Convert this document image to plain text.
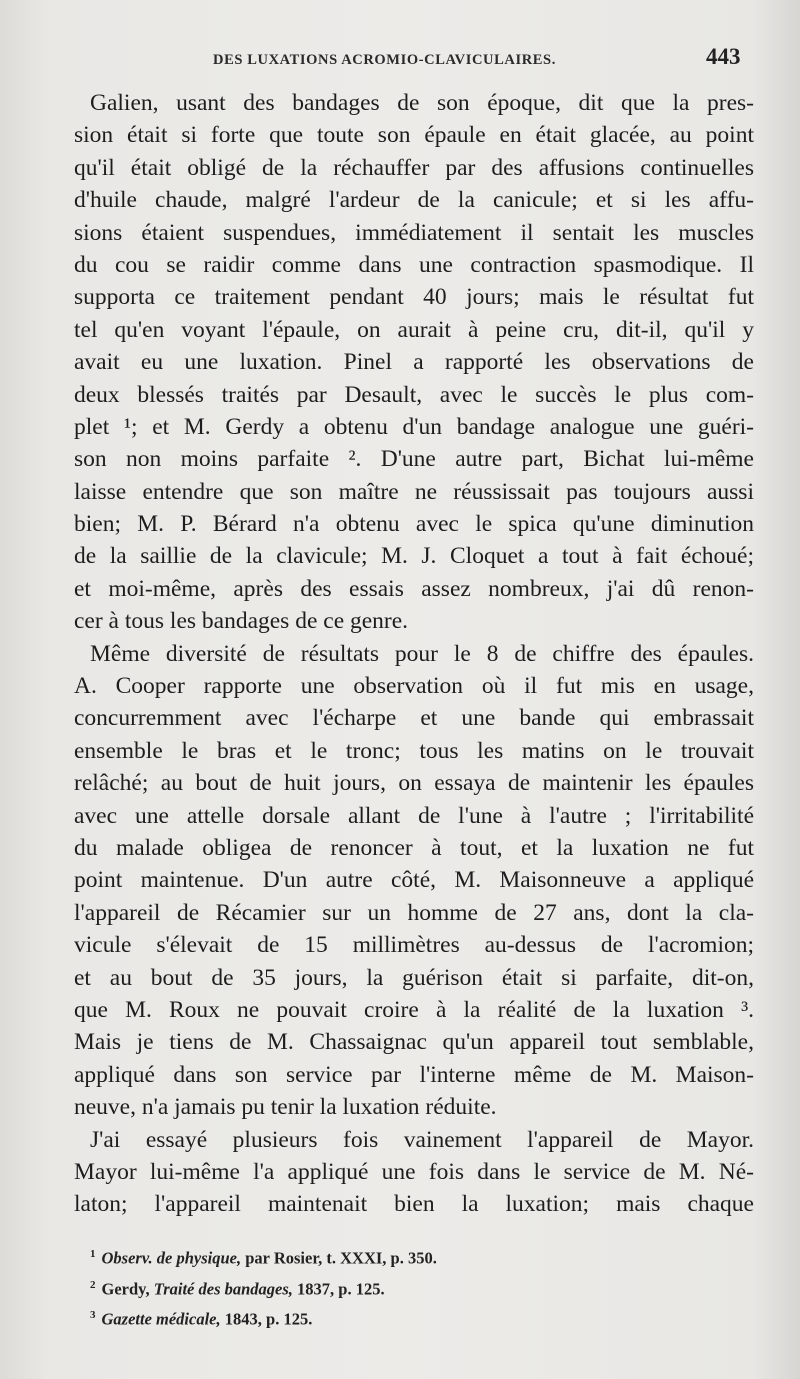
DES LUXATIONS ACROMIO-CLAVICULAIRES.	443
Galien, usant des bandages de son époque, dit que la pres-
sion était si forte que toute son épaule en était glacée, au point
qu'il était obligé de la réchauffer par des affusions continuelles
d'huile chaude, malgré l'ardeur de la canicule; et si les affu-
sions étaient suspendues, immédiatement il sentait les muscles
du cou se raidir comme dans une contraction spasmodique. Il
supporta ce traitement pendant 40 jours; mais le résultat fut
tel qu'en voyant l'épaule, on aurait à peine cru, dit-il, qu'il y
avait eu une luxation. Pinel a rapporté les observations de
deux blessés traités par Desault, avec le succès le plus com-
plet ¹; et M. Gerdy a obtenu d'un bandage analogue une guéri-
son non moins parfaite ². D'une autre part, Bichat lui-même
laisse entendre que son maître ne réussissait pas toujours aussi
bien; M. P. Bérard n'a obtenu avec le spica qu'une diminution
de la saillie de la clavicule; M. J. Cloquet a tout à fait échoué;
et moi-même, après des essais assez nombreux, j'ai dû renon-
cer à tous les bandages de ce genre.
Même diversité de résultats pour le 8 de chiffre des épaules.
A. Cooper rapporte une observation où il fut mis en usage,
concurremment avec l'écharpe et une bande qui embrassait
ensemble le bras et le tronc; tous les matins on le trouvait
relâché; au bout de huit jours, on essaya de maintenir les épaules
avec une attelle dorsale allant de l'une à l'autre ; l'irritabilité
du malade obligea de renoncer à tout, et la luxation ne fut
point maintenue. D'un autre côté, M. Maisonneuve a appliqué
l'appareil de Récamier sur un homme de 27 ans, dont la cla-
vicule s'élevait de 15 millimètres au-dessus de l'acromion;
et au bout de 35 jours, la guérison était si parfaite, dit-on,
que M. Roux ne pouvait croire à la réalité de la luxation ³.
Mais je tiens de M. Chassaignac qu'un appareil tout semblable,
appliqué dans son service par l'interne même de M. Maison-
neuve, n'a jamais pu tenir la luxation réduite.
J'ai essayé plusieurs fois vainement l'appareil de Mayor.
Mayor lui-même l'a appliqué une fois dans le service de M. Né-
laton; l'appareil maintenait bien la luxation; mais chaque
$^1$ Observ. de physique, par Rosier, t. XXXI, p. 350.
$^2$ Gerdy, Traité des bandages, 1837, p. 125.
$^3$ Gazette médicale, 1843, p. 125.
